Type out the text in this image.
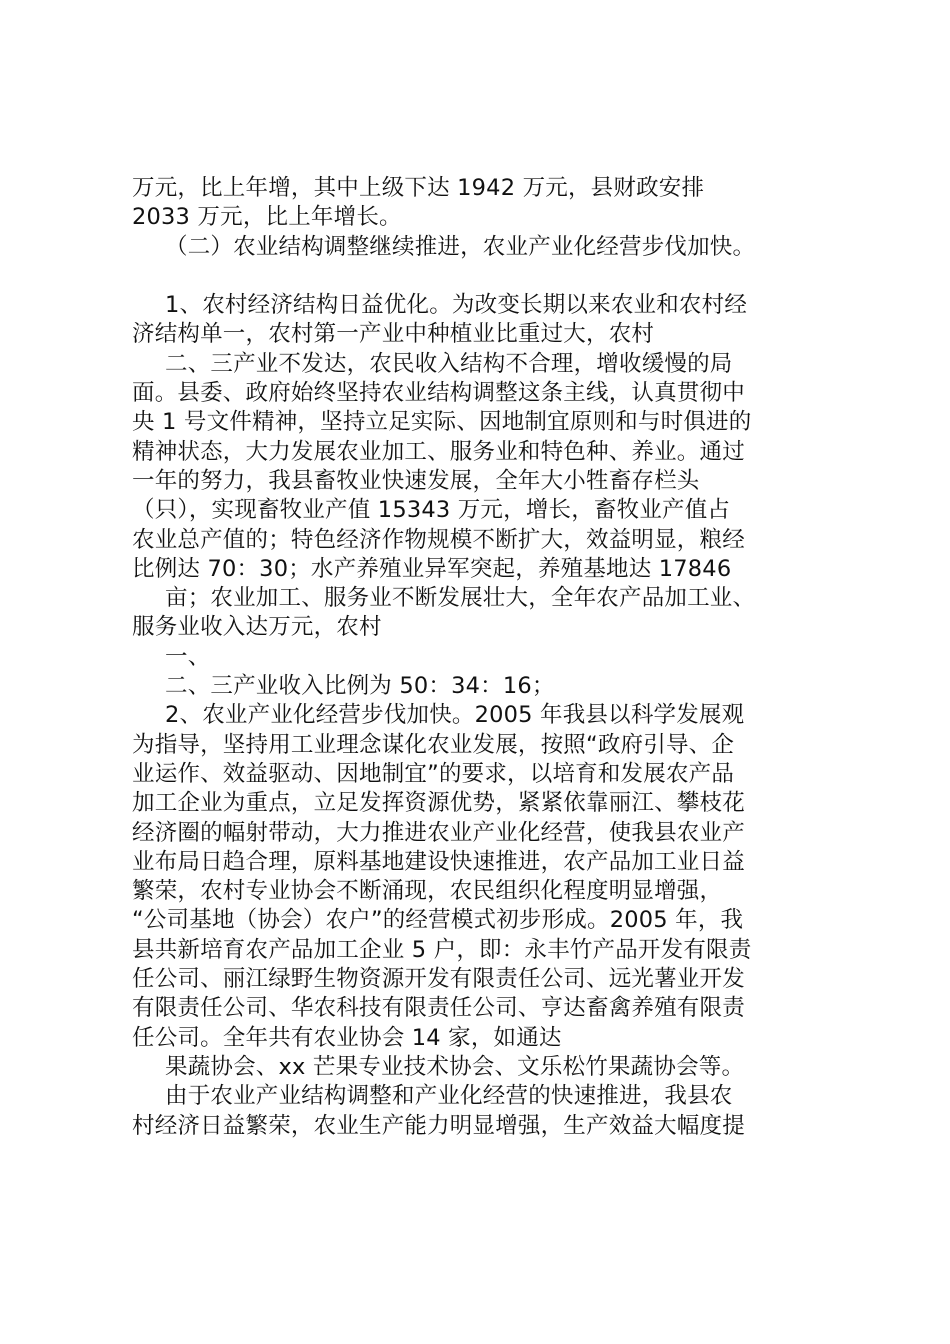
万元，比上年增，其中上级下达 1942 万元，县财政安排
2033 万元，比上年增长。
（二）农业结构调整继续推进，农业产业化经营步伐加快。
1、农村经济结构日益优化。为改变长期以来农业和农村经
济结构单一，农村第一产业中种植业比重过大，农村
二、三产业不发达，农民收入结构不合理，增收缓慢的局
面。县委、政府始终坚持农业结构调整这条主线，认真贯彻中
央 1 号文件精神，坚持立足实际、因地制宜原则和与时俱进的
精神状态，大力发展农业加工、服务业和特色种、养业。通过
一年的努力，我县畜牧业快速发展，全年大小牲畜存栏头
（只），实现畜牧业产值 15343 万元，增长，畜牧业产值占
农业总产值的；特色经济作物规模不断扩大，效益明显，粮经
比例达 70：30；水产养殖业异军突起，养殖基地达 17846
亩；农业加工、服务业不断发展壮大，全年农产品加工业、
服务业收入达万元，农村
一、
二、三产业收入比例为 50：34：16；
2、农业产业化经营步伐加快。2005 年我县以科学发展观
为指导，坚持用工业理念谋化农业发展，按照“政府引导、企
业运作、效益驱动、因地制宜”的要求，以培育和发展农产品
加工企业为重点，立足发挥资源优势，紧紧依靠丽江、攀枝花
经济圈的幅射带动，大力推进农业产业化经营，使我县农业产
业布局日趋合理，原料基地建设快速推进，农产品加工业日益
繁荣，农村专业协会不断涌现，农民组织化程度明显增强，
“公司基地（协会）农户”的经营模式初步形成。2005 年，我
县共新培育农产品加工企业 5 户，即：永丰竹产品开发有限责
任公司、丽江绿野生物资源开发有限责任公司、远光薯业开发
有限责任公司、华农科技有限责任公司、亨达畜禽养殖有限责
任公司。全年共有农业协会 14 家，如通达
果蔬协会、xx 芒果专业技术协会、文乐松竹果蔬协会等。
由于农业产业结构调整和产业化经营的快速推进，我县农
村经济日益繁荣，农业生产能力明显增强，生产效益大幅度提
